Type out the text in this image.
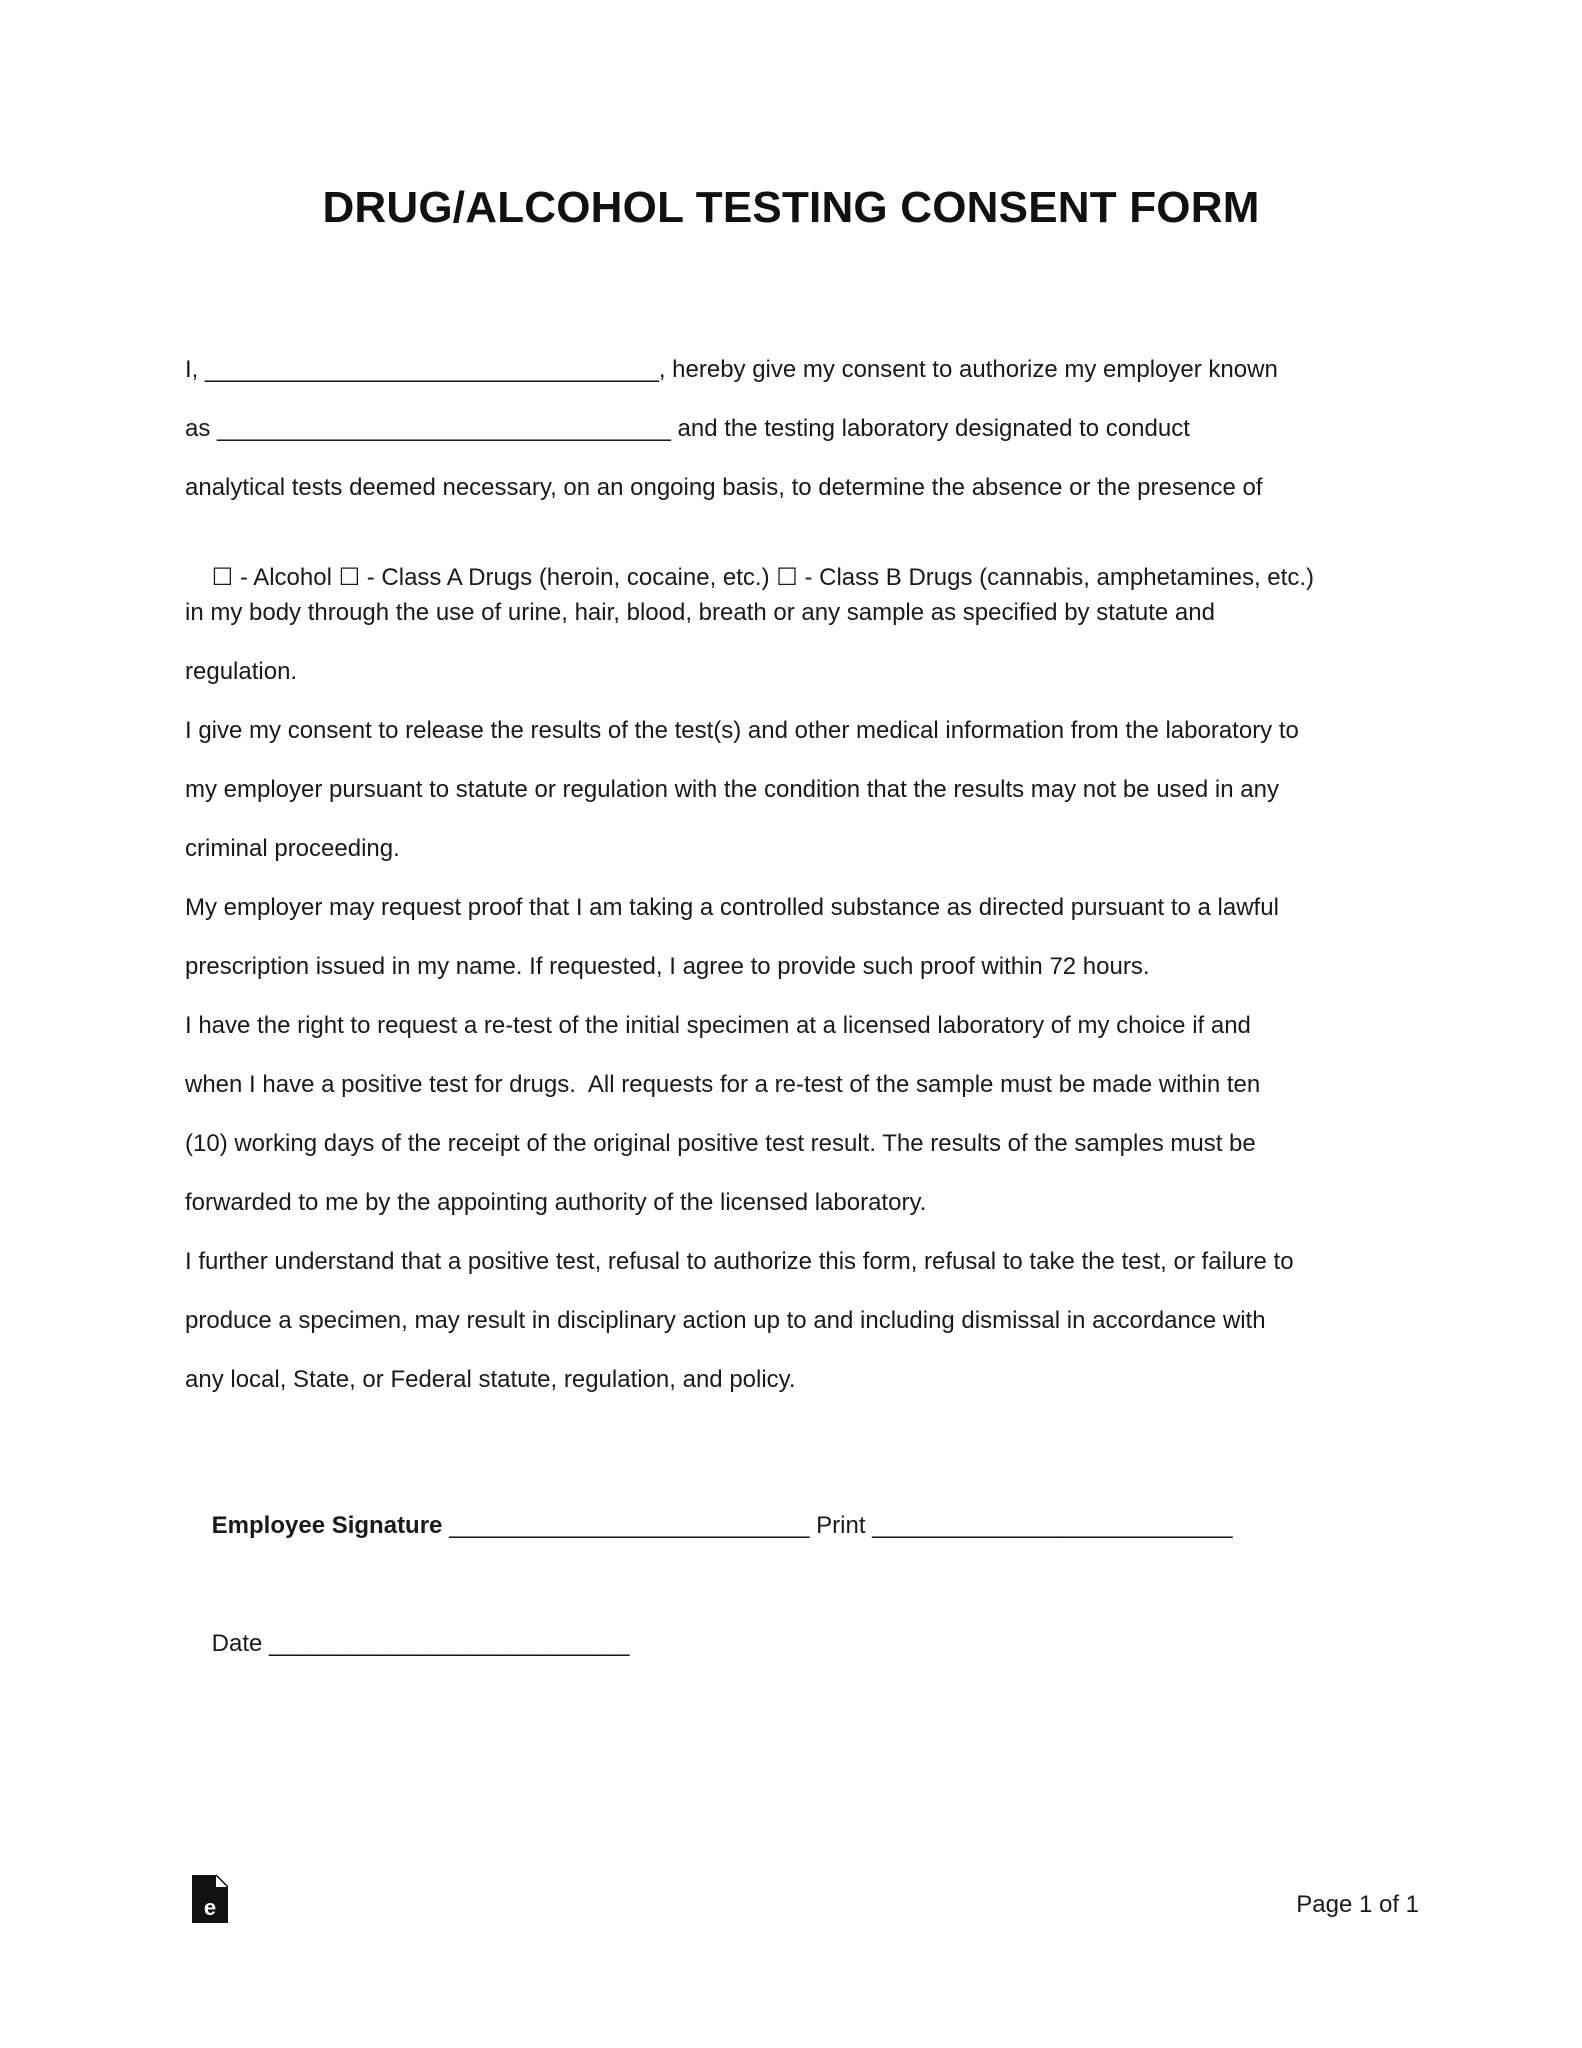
DRUG/ALCOHOL TESTING CONSENT FORM
I, __________________________________, hereby give my consent to authorize my employer known
as __________________________________ and the testing laboratory designated to conduct
analytical tests deemed necessary, on an ongoing basis, to determine the absence or the presence of

☐ - Alcohol ☐ - Class A Drugs (heroin, cocaine, etc.) ☐ - Class B Drugs (cannabis, amphetamines, etc.)

in my body through the use of urine, hair, blood, breath or any sample as specified by statute and
regulation.
I give my consent to release the results of the test(s) and other medical information from the laboratory to
my employer pursuant to statute or regulation with the condition that the results may not be used in any
criminal proceeding.
My employer may request proof that I am taking a controlled substance as directed pursuant to a lawful
prescription issued in my name. If requested, I agree to provide such proof within 72 hours.
I have the right to request a re-test of the initial specimen at a licensed laboratory of my choice if and
when I have a positive test for drugs.  All requests for a re-test of the sample must be made within ten
(10) working days of the receipt of the original positive test result. The results of the samples must be
forwarded to me by the appointing authority of the licensed laboratory.
I further understand that a positive test, refusal to authorize this form, refusal to take the test, or failure to
produce a specimen, may result in disciplinary action up to and including dismissal in accordance with
any local, State, or Federal statute, regulation, and policy.

Employee Signature ___________________________ Print ___________________________

Date ___________________________

e	Page 1 of 1
